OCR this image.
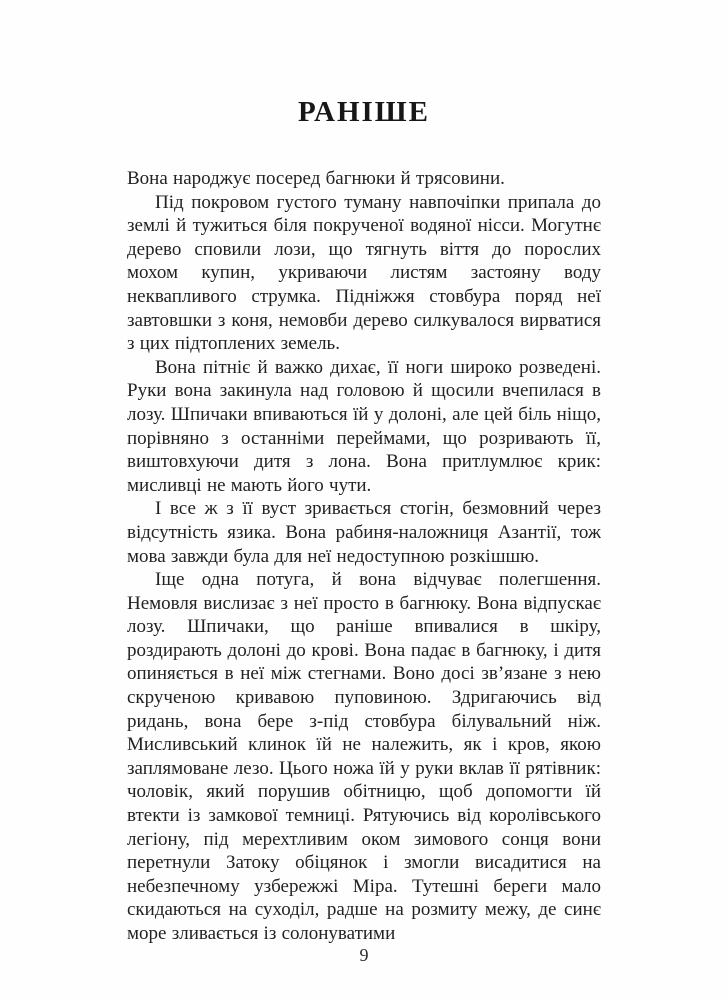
РАНІШЕ

Вона народжує посеред багнюки й трясовини.

Під покровом густого туману навпочіпки припала до землі й тужиться біля покрученої водяної нісси. Могутнє дерево сповили лози, що тягнуть віття до порослих мохом купин, укриваючи листям застояну воду неквапливого струмка. Підніжжя стовбура поряд неї завтовшки з коня, немовби дерево силкувалося вирватися з цих підтоплених земель.

Вона пітніє й важко дихає, її ноги широко розведені. Руки вона закинула над головою й щосили вчепилася в лозу. Шпичаки впиваються їй у долоні, але цей біль ніщо, порівняно з останніми переймами, що розривають її, виштовхуючи дитя з лона. Вона притлумлює крик: мисливці не мають його чути.

І все ж з її вуст зривається стогін, безмовний через відсутність язика. Вона рабиня-наложниця Азантії, тож мова завжди була для неї недоступною розкішшю.

Іще одна потуга, й вона відчуває полегшення. Немовля вислизає з неї просто в багнюку. Вона відпускає лозу. Шпичаки, що раніше впивалися в шкіру, роздирають долоні до крові. Вона падає в багнюку, і дитя опиняється в неї між стегнами. Воно досі звʼязане з нею скрученою кривавою пуповиною. Здригаючись від ридань, вона бере з-під стовбура білувальний ніж. Мисливський клинок їй не належить, як і кров, якою заплямоване лезо. Цього ножа їй у руки вклав її рятівник: чоловік, який порушив обітницю, щоб допомогти їй втекти із замкової темниці. Рятуючись від королівського легіону, під мерехтливим оком зимового сонця вони перетнули Затоку обіцянок і змогли висадитися на небезпечному узбережжі Міра. Тутешні береги мало скидаються на суходіл, радше на розмиту межу, де синє море зливається із солонуватими

9
